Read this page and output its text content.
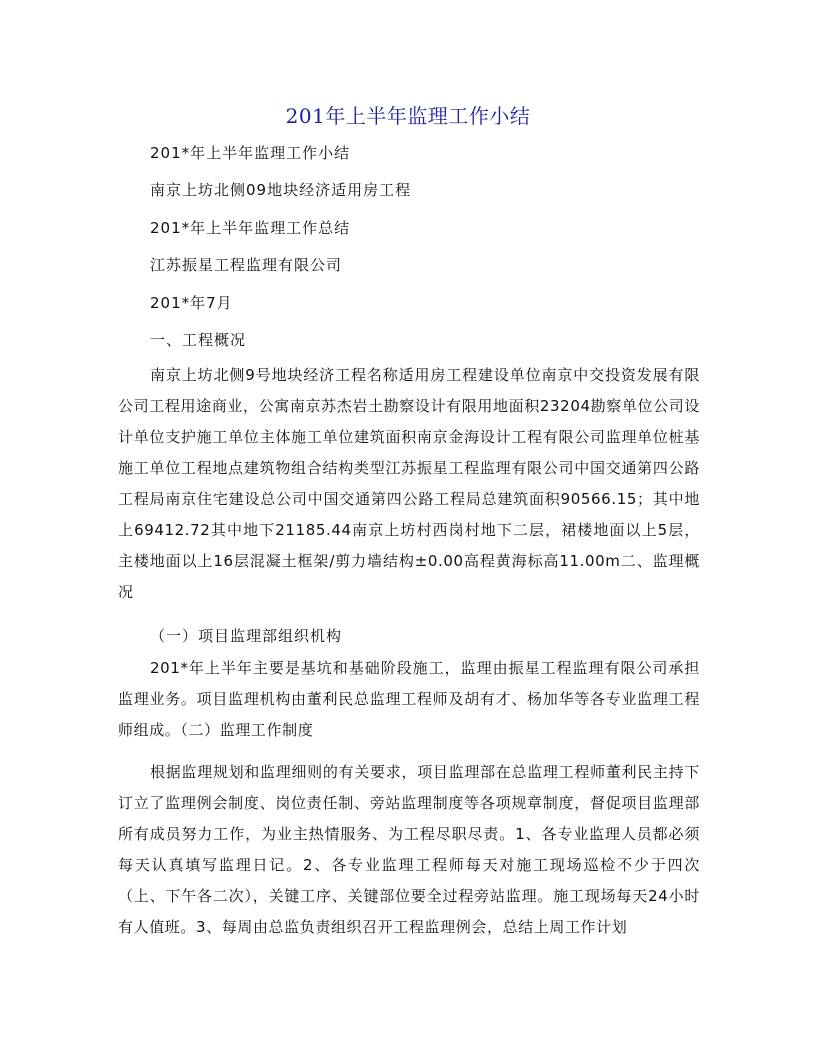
201年上半年监理工作小结
201*年上半年监理工作小结
南京上坊北侧09地块经济适用房工程
201*年上半年监理工作总结
江苏振星工程监理有限公司
201*年7月
一、工程概况
南京上坊北侧9号地块经济工程名称适用房工程建设单位南京中交投资发展有限公司工程用途商业，公寓南京苏杰岩土勘察设计有限用地面积23204勘察单位公司设计单位支护施工单位主体施工单位建筑面积南京金海设计工程有限公司监理单位桩基施工单位工程地点建筑物组合结构类型江苏振星工程监理有限公司中国交通第四公路工程局南京住宅建设总公司中国交通第四公路工程局总建筑面积90566.15；其中地上69412.72其中地下21185.44南京上坊村西岗村地下二层，裙楼地面以上5层，主楼地面以上16层混凝土框架/剪力墙结构±0.00高程黄海标高11.00m二、监理概况
（一）项目监理部组织机构
201*年上半年主要是基坑和基础阶段施工，监理由振星工程监理有限公司承担监理业务。项目监理机构由董利民总监理工程师及胡有才、杨加华等各专业监理工程师组成。（二）监理工作制度
根据监理规划和监理细则的有关要求，项目监理部在总监理工程师董利民主持下订立了监理例会制度、岗位责任制、旁站监理制度等各项规章制度，督促项目监理部所有成员努力工作，为业主热情服务、为工程尽职尽责。1、各专业监理人员都必须每天认真填写监理日记。2、各专业监理工程师每天对施工现场巡检不少于四次（上、下午各二次），关键工序、关键部位要全过程旁站监理。施工现场每天24小时有人值班。3、每周由总监负责组织召开工程监理例会，总结上周工作计划
